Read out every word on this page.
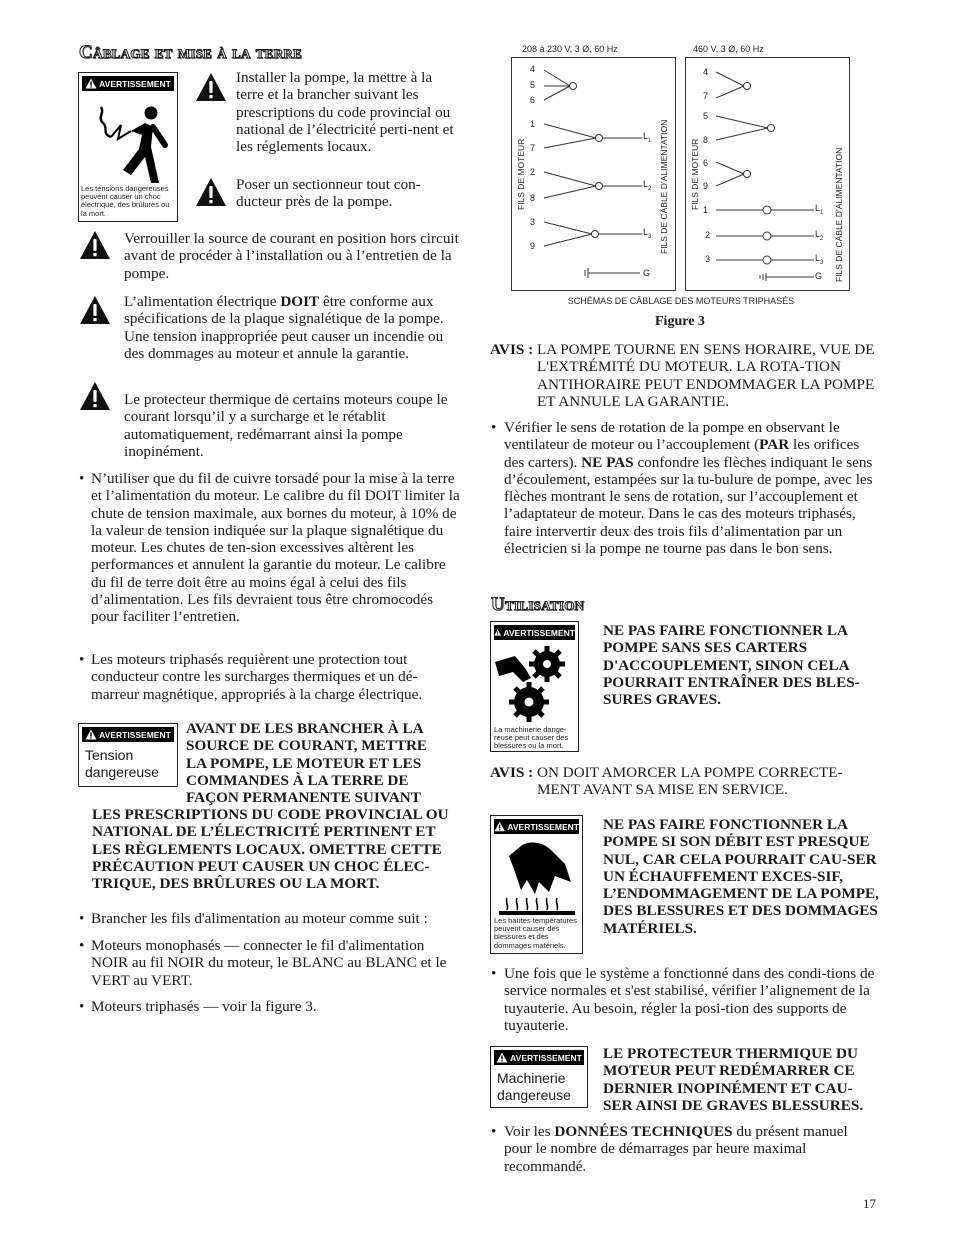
Câblage et mise à la terre
AVERTISSEMENT
Les tensions dangereuses peuvent causer un choc électrique, des brûlures ou la mort.
Installer la pompe, la mettre à la terre et la brancher suivant les prescriptions du code provincial ou national de l’électricité perti-nent et les réglements locaux.
Poser un sectionneur tout con-ducteur près de la pompe.
Verrouiller la source de courant en position hors circuit avant de procéder à l’installation ou à l’entretien de la pompe.
L’alimentation électrique DOIT être conforme aux spécifications de la plaque signalétique de la pompe. Une tension inappropriée peut causer un incendie ou des dommages au moteur et annule la garantie.
Le protecteur thermique de certains moteurs coupe le courant lorsqu’il y a surcharge et le rétablit automatiquement, redémarrant ainsi la pompe inopinément.
• N’utiliser que du fil de cuivre torsadé pour la mise à la terre et l’alimentation du moteur. Le calibre du fil DOIT limiter la chute de tension maximale, aux bornes du moteur, à 10% de la valeur de tension indiquée sur la plaque signalétique du moteur. Les chutes de ten-sion excessives altèrent les performances et annulent la garantie du moteur. Le calibre du fil de terre doit être au moins égal à celui des fils d’alimentation. Les fils devraient tous être chromocodés pour faciliter l’entretien.
• Les moteurs triphasés requièrent une protection tout conducteur contre les surcharges thermiques et un dé-marreur magnétique, appropriés à la charge électrique.
AVERTISSEMENT
Tension dangereuse
AVANT DE LES BRANCHER À LA SOURCE DE COURANT, METTRE LA POMPE, LE MOTEUR ET LES COMMANDES À LA TERRE DE FAÇON PERMANENTE SUIVANT
LES PRESCRIPTIONS DU CODE PROVINCIAL OU NATIONAL DE L’ÉLECTRICITÉ PERTINENT ET LES RÈGLEMENTS LOCAUX. OMETTRE CETTE PRÉCAUTION PEUT CAUSER UN CHOC ÉLEC-TRIQUE, DES BRÛLURES OU LA MORT.
• Brancher les fils d'alimentation au moteur comme suit :
• Moteurs monophasés — connecter le fil d'alimentation NOIR au fil NOIR du moteur, le BLANC au BLANC et le VERT au VERT.
• Moteurs triphasés — voir la figure 3.
208 à 230 V, 3 Ø, 60 Hz	460 V, 3 Ø, 60 Hz
4
5
6
1
7
2
8
3
9
$L_1$
$L_2$
$L_3$
G
FILS DE MOTEUR	FILS DE CÂBLE D’ALIMENTATION
4
7
5
8
6
9
1
2
3
$L_1$
$L_2$
$L_3$
G
FILS DE MOTEUR	FILS DE CÂBLE D’ALIMENTATION
SCHÉMAS DE CÂBLAGE DES MOTEURS TRIPHASÉS
Figure 3
AVIS : LA POMPE TOURNE EN SENS HORAIRE, VUE DE L'EXTRÉMITÉ DU MOTEUR. LA ROTA-TION ANTIHORAIRE PEUT ENDOMMAGER LA POMPE ET ANNULE LA GARANTIE.
• Vérifier le sens de rotation de la pompe en observant le ventilateur de moteur ou l’accouplement (PAR les orifices des carters). NE PAS confondre les flèches indiquant le sens d’écoulement, estampées sur la tu-bulure de pompe, avec les flèches montrant le sens de rotation, sur l’accouplement et l’adaptateur de moteur. Dans le cas des moteurs triphasés, faire intervertir deux des trois fils d’alimentation par un électricien si la pompe ne tourne pas dans le bon sens.
Utilisation
AVERTISSEMENT
La machinerie dange-reuse peut causer des blessures ou la mort.
NE PAS FAIRE FONCTIONNER LA POMPE SANS SES CARTERS D'ACCOUPLEMENT, SINON CELA POURRAIT ENTRAÎNER DES BLES-SURES GRAVES.
AVIS : ON DOIT AMORCER LA POMPE CORRECTE-MENT AVANT SA MISE EN SERVICE.
AVERTISSEMENT
Les hautes températures peuvent causer des blessures et des dommages matériels.
NE PAS FAIRE FONCTIONNER LA POMPE SI SON DÉBIT EST PRESQUE NUL, CAR CELA POURRAIT CAU-SER UN ÉCHAUFFEMENT EXCES-SIF, L’ENDOMMAGEMENT DE LA POMPE, DES BLESSURES ET DES DOMMAGES MATÉRIELS.
• Une fois que le système a fonctionné dans des condi-tions de service normales et s'est stabilisé, vérifier l’alignement de la tuyauterie. Au besoin, régler la posi-tion des supports de tuyauterie.
AVERTISSEMENT
Machinerie dangereuse
LE PROTECTEUR THERMIQUE DU MOTEUR PEUT REDÉMARRER CE DERNIER INOPINÉMENT ET CAU-SER AINSI DE GRAVES BLESSURES.
• Voir les DONNÉES TECHNIQUES du présent manuel pour le nombre de démarrages par heure maximal recommandé.
17
